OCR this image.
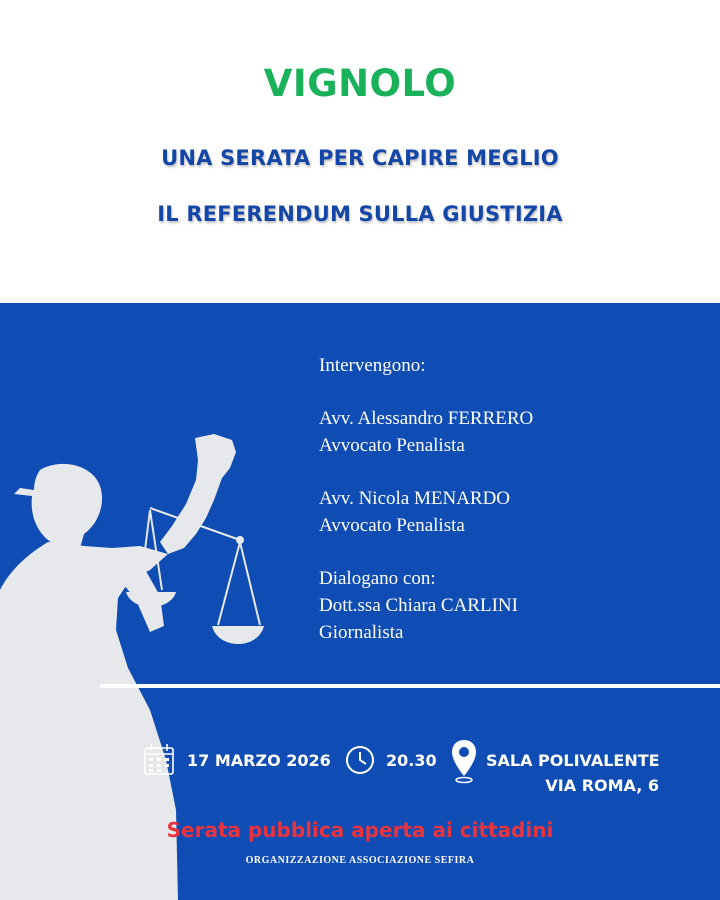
VIGNOLO
UNA SERATA PER CAPIRE MEGLIO
IL REFERENDUM SULLA GIUSTIZIA
Intervengono:
Avv. Alessandro FERRERO
Avvocato Penalista
Avv. Nicola MENARDO
Avvocato Penalista
Dialogano con:
Dott.ssa Chiara CARLINI
Giornalista
17 MARZO 2026	20.30	SALA POLIVALENTE
VIA ROMA, 6
Serata pubblica aperta ai cittadini
ORGANIZZAZIONE ASSOCIAZIONE SEFIRA
